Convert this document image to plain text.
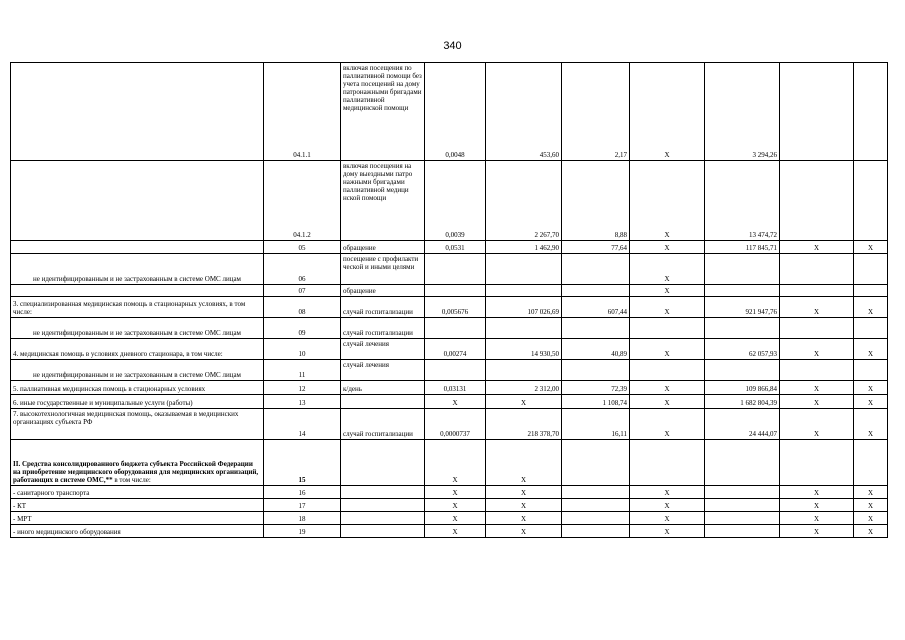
340
	04.1.1	включая посещения по паллиативной помощи без учета посещений на дому патронажными бригадами паллиативной медицинской помощи	0,0048	453,60	2,17	X	3 294,26		
	04.1.2	включая посещения на дому выездными патро нажными бригадами паллиативной медици нской помощи	0,0039	2 267,70	8,88	X	13 474,72		
	05	обращение	0,0531	1 462,90	77,64	X	117 845,71	X	X
не идентифицированным и не застрахованным в системе ОМС лицам	06	посещение с профилакти ческой и иными целями				X			
	07	обращение				X			
3. специализированная медицинская помощь в стационарных условиях, в том числе:	08	случай госпитализации	0,005676	107 026,69	607,44	X	921 947,76	X	X
не идентифицированным и не застрахованным в системе ОМС лицам	09	случай госпитализации							
4. медицинская помощь в условиях дневного стационара, в том числе:	10	случай лечения	0,00274	14 930,50	40,89	X	62 057,93	X	X
не идентифицированным и не застрахованным в системе ОМС лицам	11	случай лечения							
5. паллиативная медицинская помощь в стационарных условиях	12	к/день	0,03131	2 312,00	72,39	X	109 866,84	X	X
6. иные государственные и муниципальные услуги (работы)	13		X	X	1 108,74	X	1 682 804,39	X	X
7. высокотехнологичная медицинская помощь, оказываемая в медицинских организациях субъекта РФ	14	случай госпитализации	0,0000737	218 378,70	16,11	X	24 444,07	X	X
II. Средства консолидированного бюджета субъекта Российской Федерации на приобретение медицинского оборудования для медицинских организаций, работающих в системе ОМС,** в том числе:	15		X	X					
- санитарного транспорта	16		X	X		X		X	X
- КТ	17		X	X		X		X	X
- МРТ	18		X	X		X		X	X
- иного медицинского оборудования	19		X	X		X		X	X
